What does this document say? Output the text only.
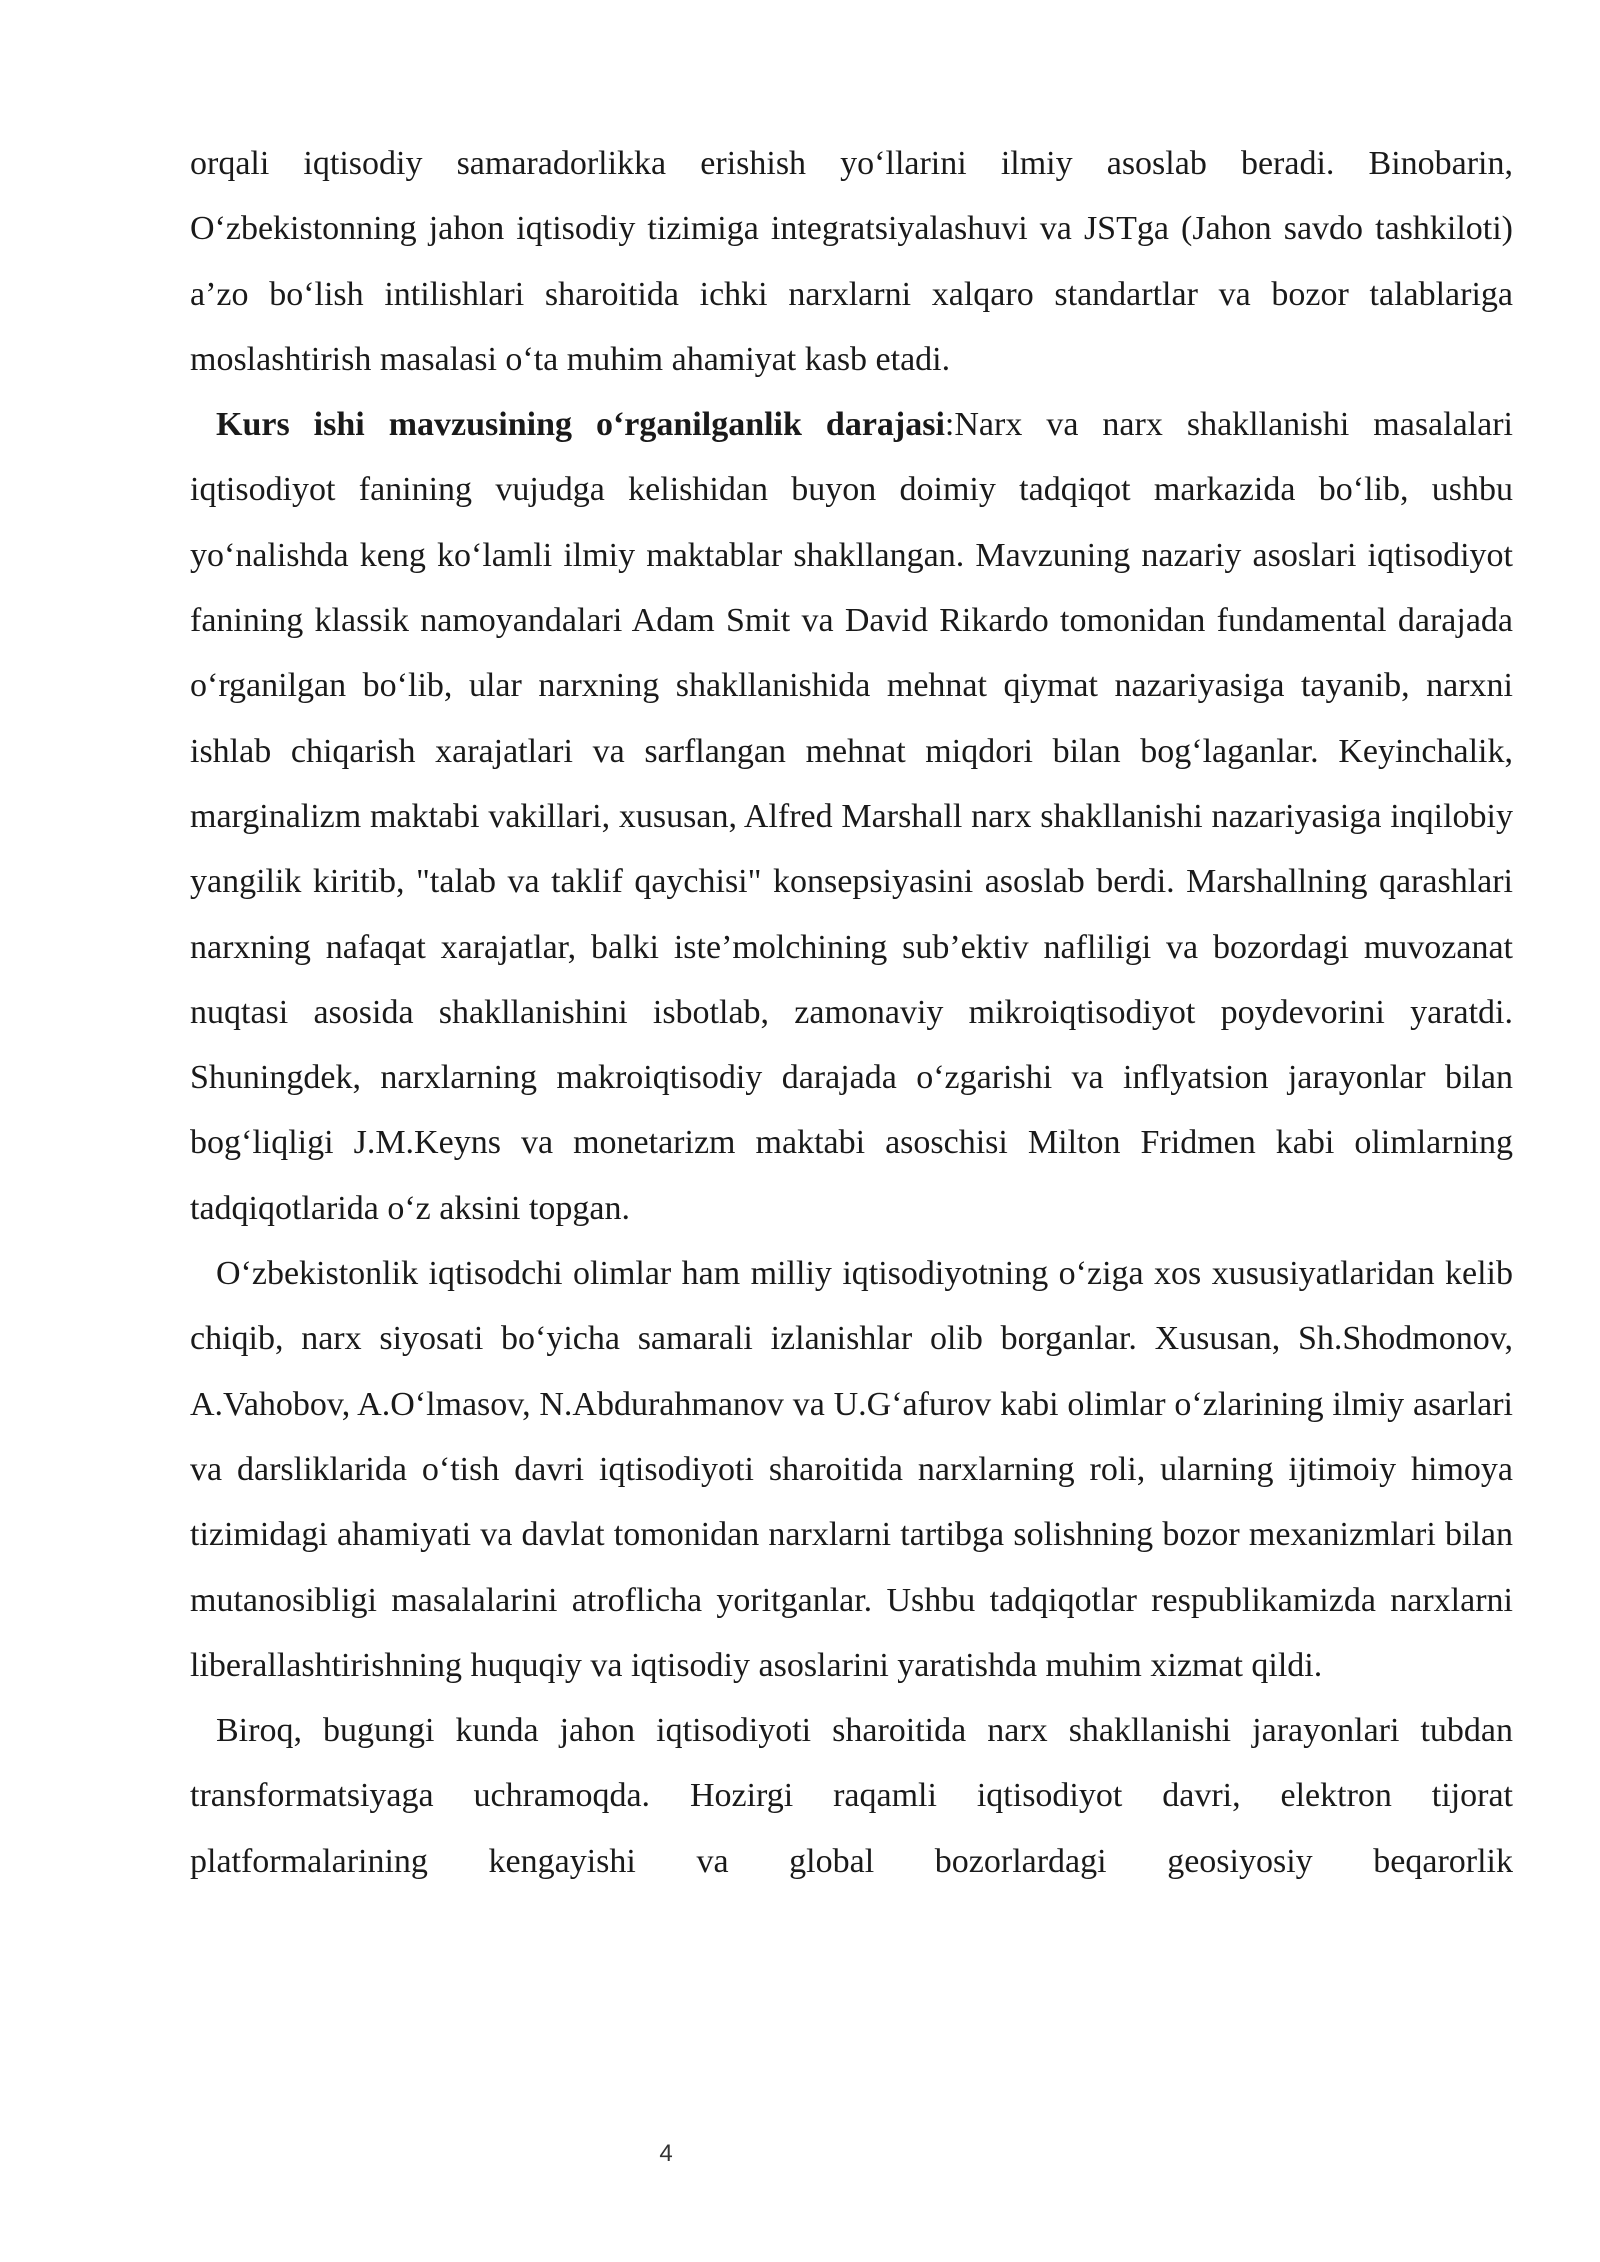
orqali iqtisodiy samaradorlikka erishish yo‘llarini ilmiy asoslab beradi. Binobarin, O‘zbekistonning jahon iqtisodiy tizimiga integratsiyalashuvi va JSTga (Jahon savdo tashkiloti) a’zo bo‘lish intilishlari sharoitida ichki narxlarni xalqaro standartlar va bozor talablariga moslashtirish masalasi o‘ta muhim ahamiyat kasb etadi.

Kurs ishi mavzusining o‘rganilganlik darajasi:Narx va narx shakllanishi masalalari iqtisodiyot fanining vujudga kelishidan buyon doimiy tadqiqot markazida bo‘lib, ushbu yo‘nalishda keng ko‘lamli ilmiy maktablar shakllangan. Mavzuning nazariy asoslari iqtisodiyot fanining klassik namoyandalari Adam Smit va David Rikardo tomonidan fundamental darajada o‘rganilgan bo‘lib, ular narxning shakllanishida mehnat qiymat nazariyasiga tayanib, narxni ishlab chiqarish xarajatlari va sarflangan mehnat miqdori bilan bog‘laganlar. Keyinchalik, marginalizm maktabi vakillari, xususan, Alfred Marshall narx shakllanishi nazariyasiga inqilobiy yangilik kiritib, "talab va taklif qaychisi" konsepsiyasini asoslab berdi. Marshallning qarashlari narxning nafaqat xarajatlar, balki iste’molchining sub’ektiv nafliligi va bozordagi muvozanat nuqtasi asosida shakllanishini isbotlab, zamonaviy mikroiqtisodiyot poydevorini yaratdi. Shuningdek, narxlarning makroiqtisodiy darajada o‘zgarishi va inflyatsion jarayonlar bilan bog‘liqligi J.M.Keyns va monetarizm maktabi asoschisi Milton Fridmen kabi olimlarning tadqiqotlarida o‘z aksini topgan.

O‘zbekistonlik iqtisodchi olimlar ham milliy iqtisodiyotning o‘ziga xos xususiyatlaridan kelib chiqib, narx siyosati bo‘yicha samarali izlanishlar olib borganlar. Xususan, Sh.Shodmonov, A.Vahobov, A.O‘lmasov, N.Abdurahmanov va U.G‘afurov kabi olimlar o‘zlarining ilmiy asarlari va darsliklarida o‘tish davri iqtisodiyoti sharoitida narxlarning roli, ularning ijtimoiy himoya tizimidagi ahamiyati va davlat tomonidan narxlarni tartibga solishning bozor mexanizmlari bilan mutanosibligi masalalarini atroflicha yoritganlar. Ushbu tadqiqotlar respublikamizda narxlarni liberallashtirishning huquqiy va iqtisodiy asoslarini yaratishda muhim xizmat qildi.

Biroq, bugungi kunda jahon iqtisodiyoti sharoitida narx shakllanishi jarayonlari tubdan transformatsiyaga uchramoqda. Hozirgi raqamli iqtisodiyot davri, elektron tijorat platformalarining kengayishi va global bozorlardagi geosiyosiy beqarorlik

4
